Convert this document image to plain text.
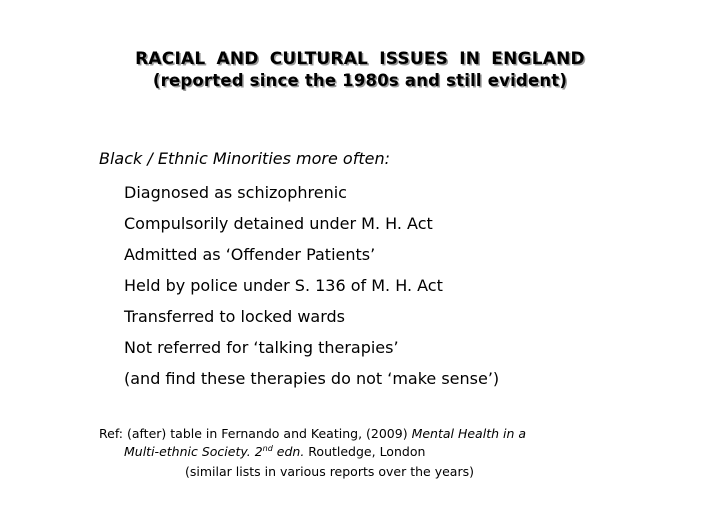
RACIAL AND CULTURAL ISSUES IN ENGLAND
(reported since the 1980s and still evident)
Black / Ethnic Minorities more often:
Diagnosed as schizophrenic
Compulsorily detained under M. H. Act
Admitted as ‘Offender Patients’
Held by police under S. 136 of M. H. Act
Transferred to locked wards
Not referred for ‘talking therapies’
(and find these therapies do not ‘make sense’)
Ref: (after) table in Fernando and Keating, (2009) Mental Health in a
Multi-ethnic Society. 2nd edn. Routledge, London
(similar lists in various reports over the years)
